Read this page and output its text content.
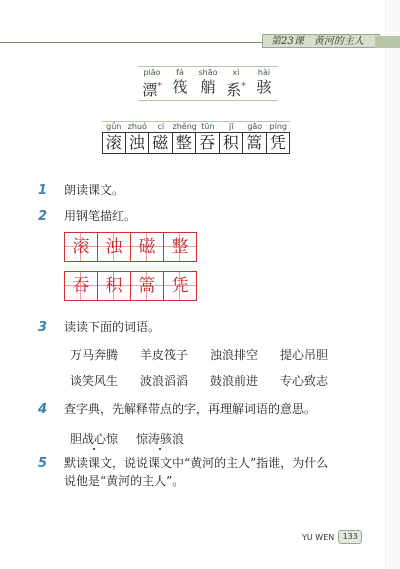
第23课 黄河的主人
piāo
漂*
fá
筏
shāo
艄
xì
系*
hài
骇
gǔn
滚
zhuó
浊
cí
磁
zhěng
整
tūn
吞
jī
积
gāo
篙
píng
凭
1 朗读课文。
2 用钢笔描红。
滚 浊 磁 整
吞 积 篙 凭
3 读读下面的词语。
万马奔腾 羊皮筏子 浊浪排空 提心吊胆
谈笑风生 波浪滔滔 鼓浪前进 专心致志
4 查字典，先解释带点的字，再理解词语的意思。
胆战心惊 惊涛骇浪
5 默读课文，说说课文中“黄河的主人”指谁，为什么
说他是“黄河的主人”。
YU WEN	133
